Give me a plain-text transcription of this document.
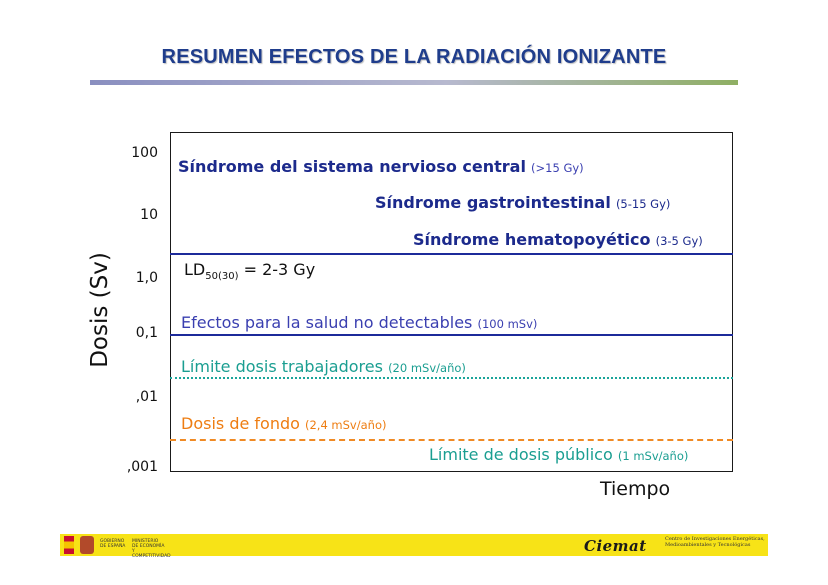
RESUMEN EFECTOS DE LA RADIACIÓN IONIZANTE
Dosis (Sv)
100
10
1,0
0,1
,01
,001
Síndrome del sistema nervioso central (>15 Gy)
Síndrome gastrointestinal (5-15 Gy)
Síndrome hematopoyético (3-5 Gy)
$LD_{50(30)} = 2-3$ Gy
Efectos para la salud no detectables (100 mSv)
Límite dosis trabajadores (20 mSv/año)
Dosis de fondo (2,4 mSv/año)
Límite de dosis público (1 mSv/año)
Tiempo
GOBIERNO DE ESPAÑA
MINISTERIO DE ECONOMÍA Y COMPETITIVIDAD
Ciemat	Centro de Investigaciones Energéticas, Medioambientales y Tecnológicas
